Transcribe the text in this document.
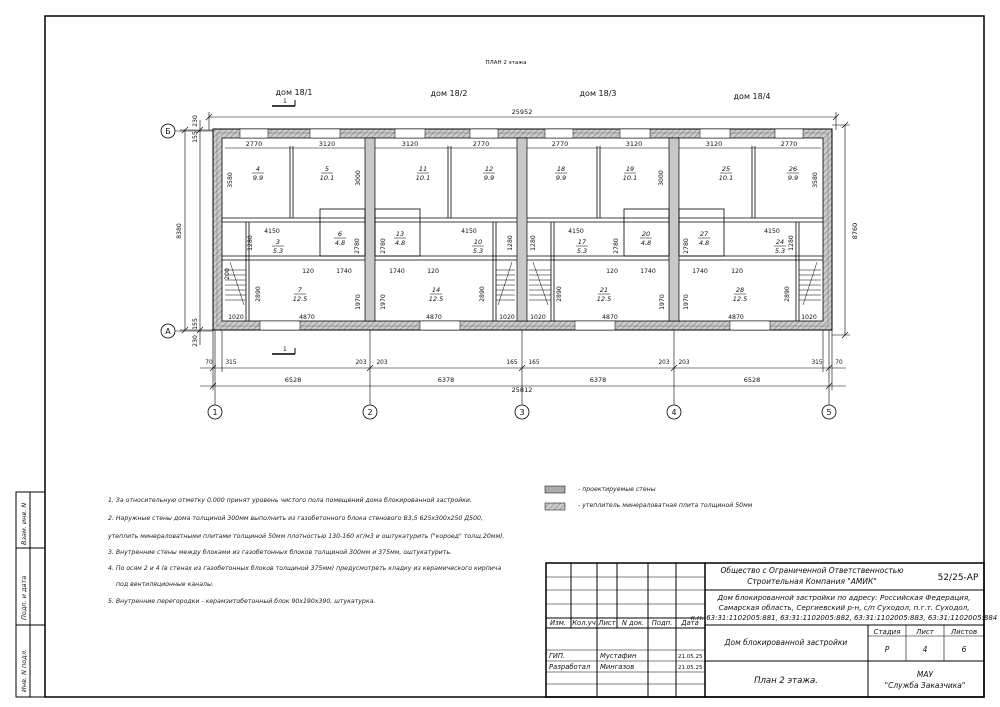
Взам. инв. N
Подп. и дата
Инв. N подл.
ПЛАН 2 этажа
дом 18/1	дом 18/2	дом 18/3	дом 18/4
1
1
25952
2770	3120	3120	2770	2770	3120	3120	2770
4
9.9
5
10.1
11
10.1
12
9.9
18
9.9
19
10.1
25
10.1
26
9.9
6
4.8
13
4.8
20
4.8
27
4.8
3
5.3
10
5.3
17
5.3
24
5.3
7
12.5
14
12.5
21
12.5
28
12.5
4150	4150	4150	4150
1740	1740	1740	1740
120	120	120	120
4870	4870	4870	4870
1020	1020 1020	1020
2780	2780	2780	2780
3000	3000
3580	3580
1970	1970	1970	1970
2890	2890	2890	2890
1280	1280	1280	1280
8380
230
155
155
230
200
8760
Б
А
70 315	203 203	165 165	203 203	315 70
6528	6378	6378	6528
25812
1	2	3	4	5
Общество с Ограниченной Ответственностью
Строительная Компания "АМИК"	52/25-АР
Дом блокированной застройки по адресу: Российская Федерация,
Самарская область, Сергиевский р-н, с/п Суходол, п.г.т. Суходол,
к.н. 63:31:1102005:881, 63:31:1102005:882, 63:31:1102005:883, 63:31:1102005:884
Изм. Кол.уч Лист N док. Подп. Дата
Дом блокированной застройки
Стадия Лист Листов
Р	4	6
ГИП.	Мустафин	21.05.25
Разработал Мингазов	21.05.25
План 2 этажа.
МАУ
"Служба Заказчика"
1. За относительную отметку 0.000 принят уровень чистого пола помещений дома блокированной застройки.
2. Наружные стены дома толщиной 300мм выполнить из газобетонного блока стенового В3,5 625х300х250 Д500,
утеплить минераловатными плитами толщиной 50мм плотностью 130-160 кг/м3 и оштукатурить ("короед" толщ.20мм).
3. Внутренние стены между блоками из газобетонных блоков толщиной 300мм и 375мм, оштукатурить.
4. По осям 2 и 4 (в стенах из газобетонных блоков толщиной 375мм) предусмотреть кладку из керамического кирпича
под вентиляционные каналы.
5. Внутренние перегородки - керамзитобетонный блок 90х190х390, штукатурка.
- проектируемые стены
- утеплитель минераловатная плита толщиной 50мм
